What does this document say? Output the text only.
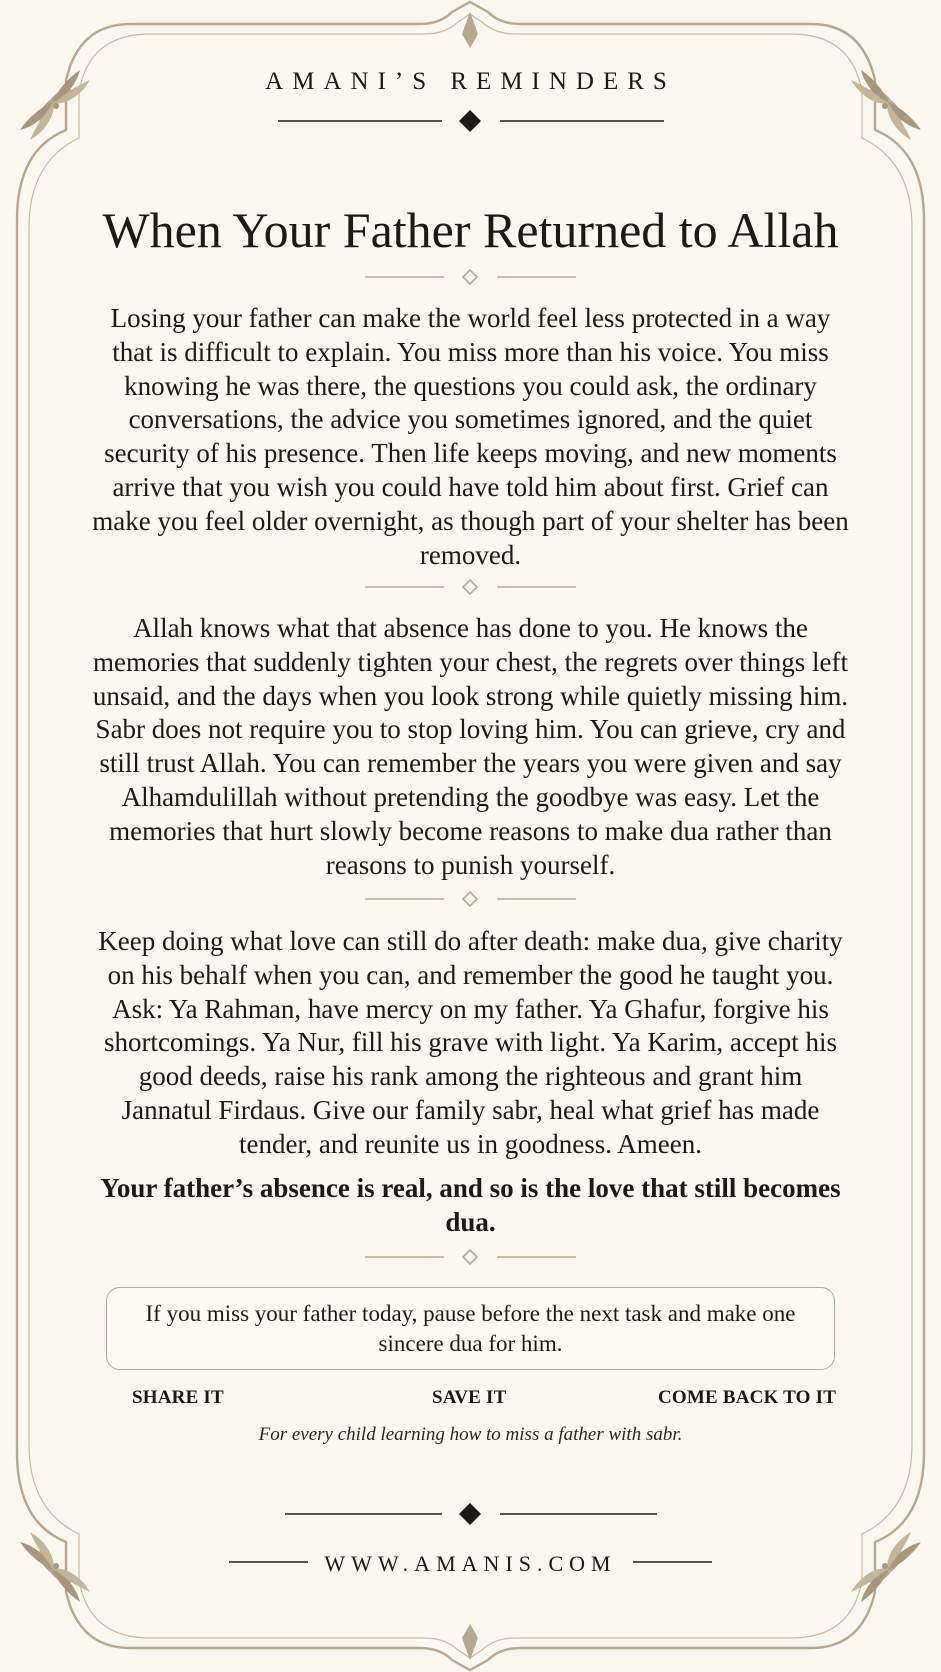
AMANI’S REMINDERS
When Your Father Returned to Allah
Losing your father can make the world feel less protected in a way that is difficult to explain. You miss more than his voice. You miss knowing he was there, the questions you could ask, the ordinary conversations, the advice you sometimes ignored, and the quiet security of his presence. Then life keeps moving, and new moments arrive that you wish you could have told him about first. Grief can make you feel older overnight, as though part of your shelter has been removed.
Allah knows what that absence has done to you. He knows the memories that suddenly tighten your chest, the regrets over things left unsaid, and the days when you look strong while quietly missing him. Sabr does not require you to stop loving him. You can grieve, cry and still trust Allah. You can remember the years you were given and say Alhamdulillah without pretending the goodbye was easy. Let the memories that hurt slowly become reasons to make dua rather than reasons to punish yourself.
Keep doing what love can still do after death: make dua, give charity on his behalf when you can, and remember the good he taught you. Ask: Ya Rahman, have mercy on my father. Ya Ghafur, forgive his shortcomings. Ya Nur, fill his grave with light. Ya Karim, accept his good deeds, raise his rank among the righteous and grant him Jannatul Firdaus. Give our family sabr, heal what grief has made tender, and reunite us in goodness. Ameen.
Your father’s absence is real, and so is the love that still becomes dua.
If you miss your father today, pause before the next task and make one sincere dua for him.
SHARE IT	SAVE IT	COME BACK TO IT
For every child learning how to miss a father with sabr.
WWW.AMANIS.COM
